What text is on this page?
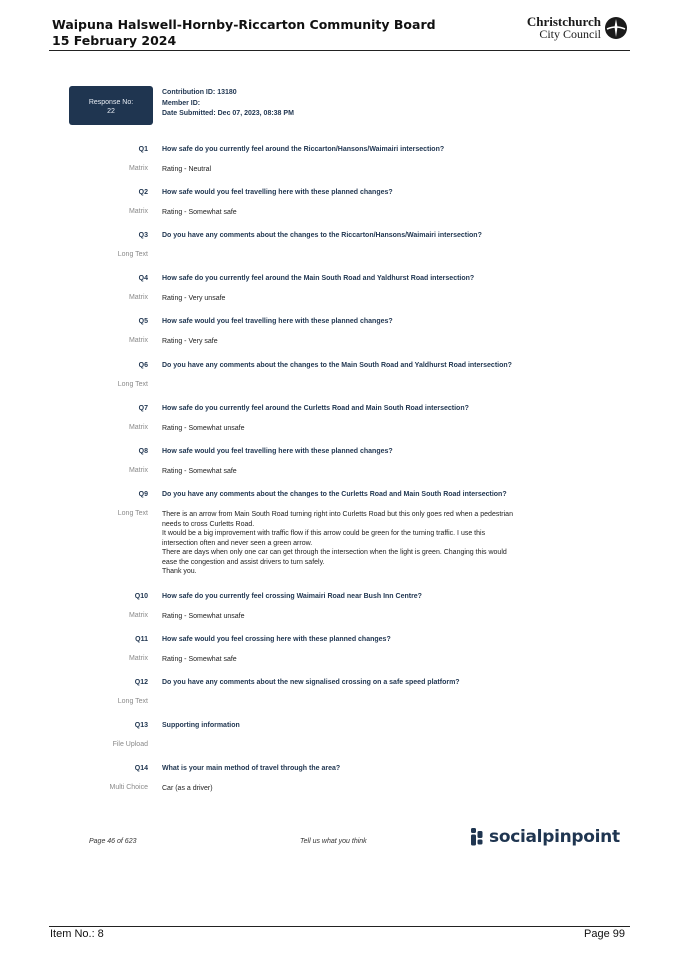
Waipuna Halswell-Hornby-Riccarton Community Board
15 February 2024
Christchurch
City Council
Response No:
22
Contribution ID: 13180
Member ID:
Date Submitted: Dec 07, 2023, 08:38 PM
Q1 How safe do you currently feel around the Riccarton/Hansons/Waimairi intersection?
Matrix Rating - Neutral
Q2 How safe would you feel travelling here with these planned changes?
Matrix Rating - Somewhat safe
Q3 Do you have any comments about the changes to the Riccarton/Hansons/Waimairi intersection?
Long Text
Q4 How safe do you currently feel around the Main South Road and Yaldhurst Road intersection?
Matrix Rating - Very unsafe
Q5 How safe would you feel travelling here with these planned changes?
Matrix Rating - Very safe
Q6 Do you have any comments about the changes to the Main South Road and Yaldhurst Road intersection?
Long Text
Q7 How safe do you currently feel around the Curletts Road and Main South Road intersection?
Matrix Rating - Somewhat unsafe
Q8 How safe would you feel travelling here with these planned changes?
Matrix Rating - Somewhat safe
Q9 Do you have any comments about the changes to the Curletts Road and Main South Road intersection?
Long Text There is an arrow from Main South Road turning right into Curletts Road but this only goes red when a pedestrian
needs to cross Curletts Road.
It would be a big improvement with traffic flow if this arrow could be green for the turning traffic. I use this
intersection often and never seen a green arrow.
There are days when only one car can get through the intersection when the light is green. Changing this would
ease the congestion and assist drivers to turn safely.
Thank you.
Q10 How safe do you currently feel crossing Waimairi Road near Bush Inn Centre?
Matrix Rating - Somewhat unsafe
Q11 How safe would you feel crossing here with these planned changes?
Matrix Rating - Somewhat safe
Q12 Do you have any comments about the new signalised crossing on a safe speed platform?
Long Text
Q13 Supporting information
File Upload
Q14 What is your main method of travel through the area?
Multi Choice Car (as a driver)
Page 46 of 623	Tell us what you think	socialpinpoint
Item No.: 8	Page 99
